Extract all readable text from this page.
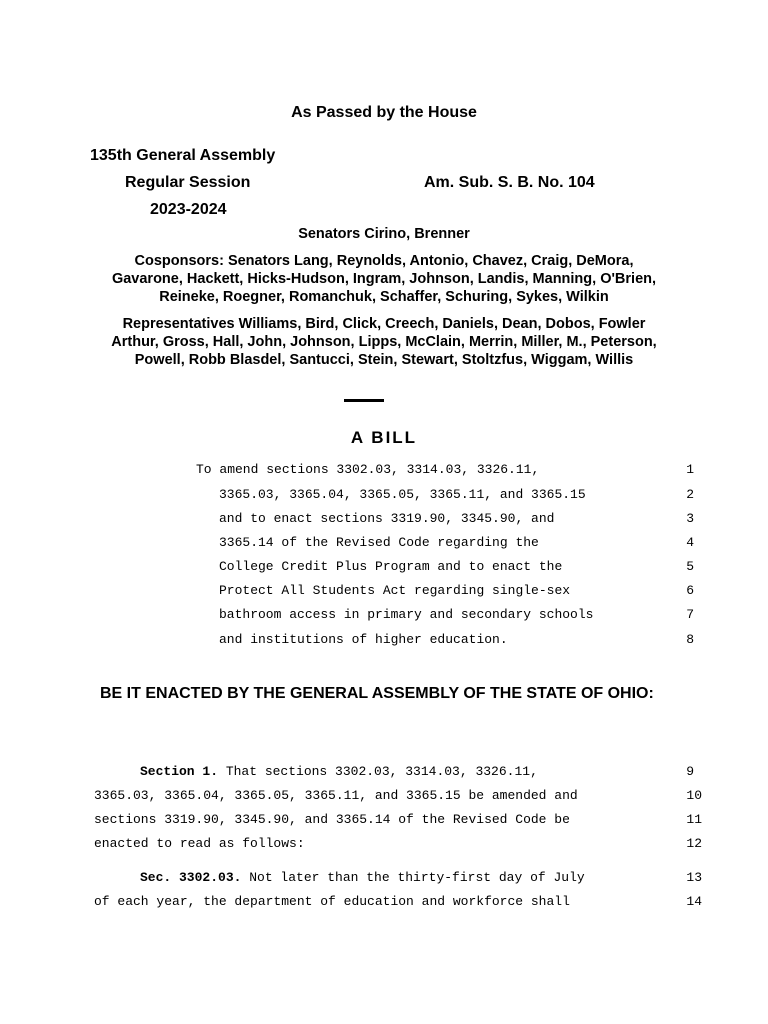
As Passed by the House
135th General Assembly
Regular Session	Am. Sub. S. B. No. 104
2023-2024
Senators Cirino, Brenner
Cosponsors: Senators Lang, Reynolds, Antonio, Chavez, Craig, DeMora,
Gavarone, Hackett, Hicks-Hudson, Ingram, Johnson, Landis, Manning, O'Brien,
Reineke, Roegner, Romanchuk, Schaffer, Schuring, Sykes, Wilkin
Representatives Williams, Bird, Click, Creech, Daniels, Dean, Dobos, Fowler
Arthur, Gross, Hall, John, Johnson, Lipps, McClain, Merrin, Miller, M., Peterson,
Powell, Robb Blasdel, Santucci, Stein, Stewart, Stoltzfus, Wiggam, Willis
A BILL
To amend sections 3302.03, 3314.03, 3326.11,	1
3365.03, 3365.04, 3365.05, 3365.11, and 3365.15	2
and to enact sections 3319.90, 3345.90, and	3
3365.14 of the Revised Code regarding the	4
College Credit Plus Program and to enact the	5
Protect All Students Act regarding single-sex	6
bathroom access in primary and secondary schools	7
and institutions of higher education.	8
BE IT ENACTED BY THE GENERAL ASSEMBLY OF THE STATE OF OHIO:
Section 1. That sections 3302.03, 3314.03, 3326.11,	9
3365.03, 3365.04, 3365.05, 3365.11, and 3365.15 be amended and	10
sections 3319.90, 3345.90, and 3365.14 of the Revised Code be	11
enacted to read as follows:	12
Sec. 3302.03. Not later than the thirty-first day of July	13
of each year, the department of education and workforce shall	14
